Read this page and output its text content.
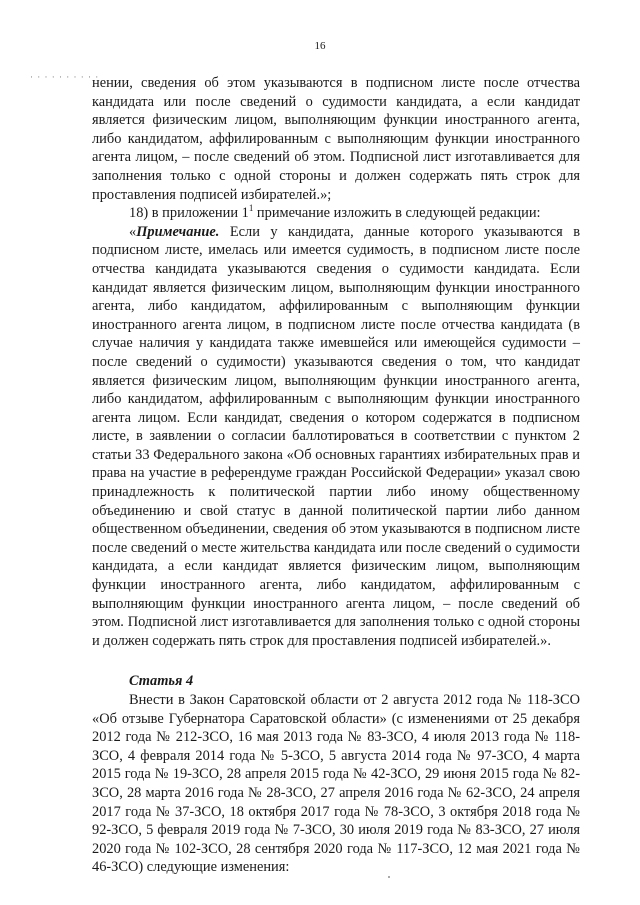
16
· · · · · · · · · ·

нении, сведения об этом указываются в подписном листе после отчества кандидата или после сведений о судимости кандидата, а если кандидат является физическим лицом, выполняющим функции иностранного агента, либо кандидатом, аффилированным с выполняющим функции иностранного агента лицом, – после сведений об этом. Подписной лист изготавливается для заполнения только с одной стороны и должен содержать пять строк для проставления подписей избирателей.»;

18) в приложении $1^1$ примечание изложить в следующей редакции:

«Примечание. Если у кандидата, данные которого указываются в подписном листе, имелась или имеется судимость, в подписном листе после отчества кандидата указываются сведения о судимости кандидата. Если кандидат является физическим лицом, выполняющим функции иностранного агента, либо кандидатом, аффилированным с выполняющим функции иностранного агента лицом, в подписном листе после отчества кандидата (в случае наличия у кандидата также имевшейся или имеющейся судимости – после сведений о судимости) указываются сведения о том, что кандидат является физическим лицом, выполняющим функции иностранного агента, либо кандидатом, аффилированным с выполняющим функции иностранного агента лицом. Если кандидат, сведения о котором содержатся в подписном листе, в заявлении о согласии баллотироваться в соответствии с пунктом 2 статьи 33 Федерального закона «Об основных гарантиях избирательных прав и права на участие в референдуме граждан Российской Федерации» указал свою принадлежность к политической партии либо иному общественному объединению и свой статус в данной политической партии либо данном общественном объединении, сведения об этом указываются в подписном листе после сведений о месте жительства кандидата или после сведений о судимости кандидата, а если кандидат является физическим лицом, выполняющим функции иностранного агента, либо кандидатом, аффилированным с выполняющим функции иностранного агента лицом, – после сведений об этом. Подписной лист изготавливается для заполнения только с одной стороны и должен содержать пять строк для проставления подписей избирателей.».

Статья 4

Внести в Закон Саратовской области от 2 августа 2012 года № 118-ЗСО «Об отзыве Губернатора Саратовской области» (с изменениями от 25 декабря 2012 года № 212-ЗСО, 16 мая 2013 года № 83-ЗСО, 4 июля 2013 года № 118-ЗСО, 4 февраля 2014 года № 5-ЗСО, 5 августа 2014 года № 97-ЗСО, 4 марта 2015 года № 19-ЗСО, 28 апреля 2015 года № 42-ЗСО, 29 июня 2015 года № 82-ЗСО, 28 марта 2016 года № 28-ЗСО, 27 апреля 2016 года № 62-ЗСО, 24 апреля 2017 года № 37-ЗСО, 18 октября 2017 года № 78-ЗСО, 3 октября 2018 года № 92-ЗСО, 5 февраля 2019 года № 7-ЗСО, 30 июля 2019 года № 83-ЗСО, 27 июля 2020 года № 102-ЗСО, 28 сентября 2020 года № 117-ЗСО, 12 мая 2021 года № 46-ЗСО) следующие изменения:
